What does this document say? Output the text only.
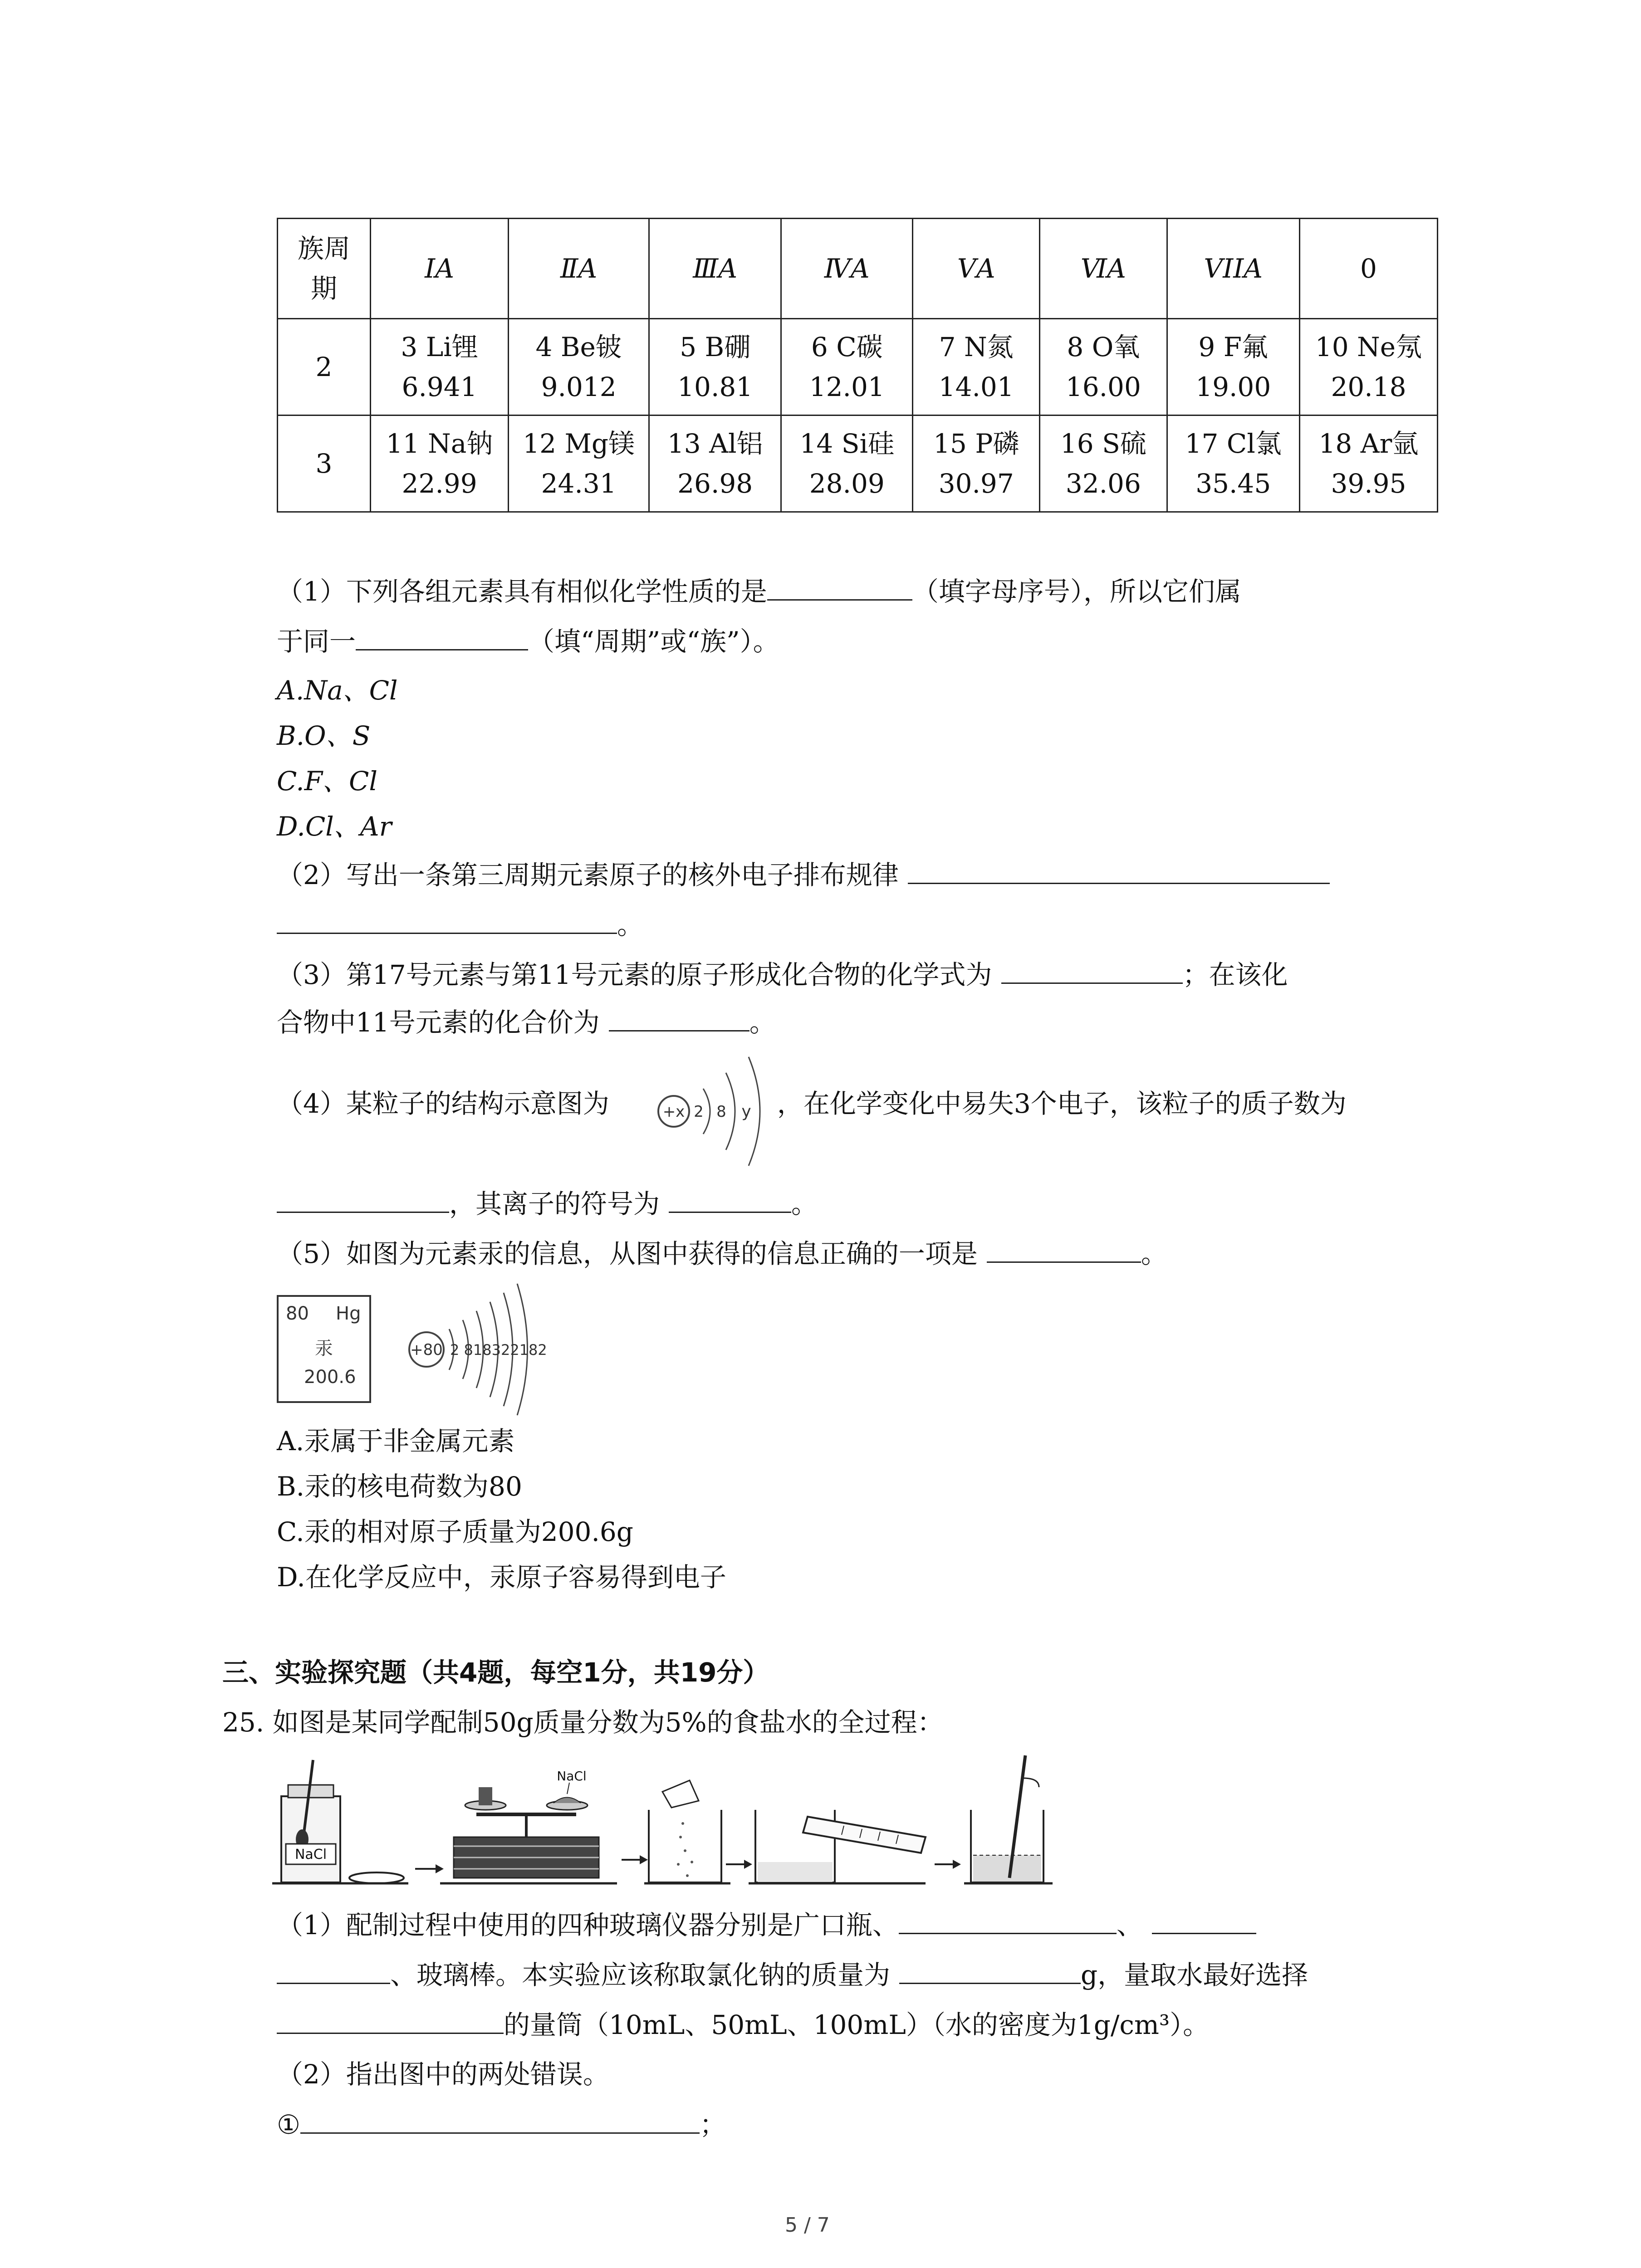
族周
期	ⅠA	ⅡA	ⅢA	ⅣA	ⅤA	ⅥA	VIIA	0
2	3 Li锂6.941	4 Be铍9.012	5 B硼10.81	6 C碳12.01	7 N氮14.01	8 O氧16.00	9 F氟19.00	10 Ne氖20.18
3	11 Na钠22.99	12 Mg镁24.31	13 Al铝26.98	14 Si硅28.09	15 P磷30.97	16 S硫32.06	17 Cl氯35.45	18 Ar氩39.95
（1）下列各组元素具有相似化学性质的是	（填字母序号），所以它们属
于同一	（填“周期”或“族”）。
A.Na、Cl
B.O、S
C.F、Cl
D.Cl、Ar
（2）写出一条第三周期元素原子的核外电子排布规律
。
（3）第17号元素与第11号元素的原子形成化合物的化学式为	；在该化
合物中11号元素的化合价为	。
（4）某粒子的结构示意图为	，在化学变化中易失3个电子，该粒子的质子数为
+x 2 8 y
，其离子的符号为	。
（5）如图为元素汞的信息，从图中获得的信息正确的一项是	。
80 Hg
汞
200.6
+80 2 818322182
A.汞属于非金属元素
B.汞的核电荷数为80
C.汞的相对原子质量为200.6g
D.在化学反应中，汞原子容易得到电子
三、实验探究题（共4题，每空1分，共19分）
25. 如图是某同学配制50g质量分数为5%的食盐水的全过程：
NaCl
NaCl
（1）配制过程中使用的四种玻璃仪器分别是广口瓶、	、
、玻璃棒。本实验应该称取氯化钠的质量为	g，量取水最好选择
的量筒（10mL、50mL、100mL）（水的密度为1g/cm³）。
（2）指出图中的两处错误。
①	；
5 / 7
